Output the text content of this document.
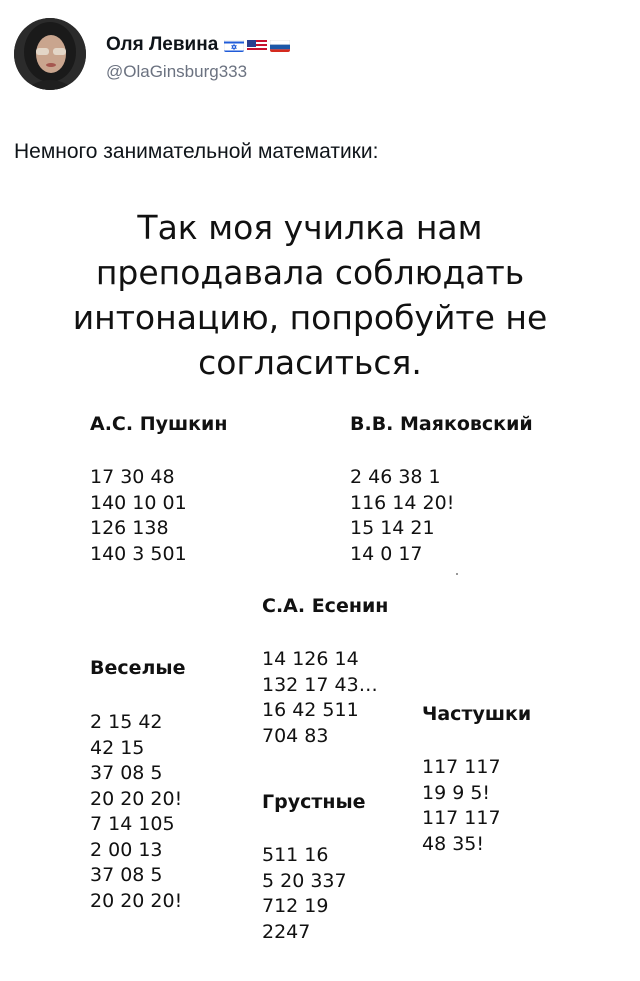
Оля Левина
@OlaGinsburg333
Немного занимательной математики:
Так моя училка нам
преподавала соблюдать
интонацию, попробуйте не
согласиться.
А.С. Пушкин
17 30 48
140 10 01
126 138
140 3 501
В.В. Маяковский
2 46 38 1
116 14 20!
15 14 21
14 0 17
С.А. Есенин
14 126 14
132 17 43…
16 42 511
704 83
Веселые
2 15 42
42 15
37 08 5
20 20 20!
7 14 105
2 00 13
37 08 5
20 20 20!
Грустные
511 16
5 20 337
712 19
2247
Частушки
117 117
19 9 5!
117 117
48 35!
